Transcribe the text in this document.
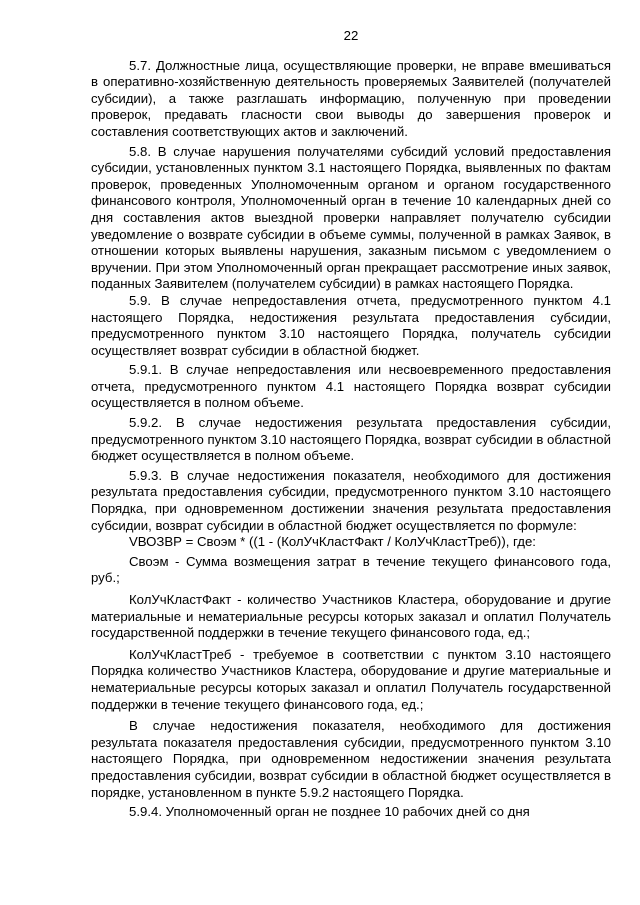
22

5.7. Должностные лица, осуществляющие проверки, не вправе вмешиваться в оперативно-хозяйственную деятельность проверяемых Заявителей (получателей субсидии), а также разглашать информацию, полученную при проведении проверок, предавать гласности свои выводы до завершения проверок и составления соответствующих актов и заключений.

5.8. В случае нарушения получателями субсидий условий предоставления субсидии, установленных пунктом 3.1 настоящего Порядка, выявленных по фактам проверок, проведенных Уполномоченным органом и органом государственного финансового контроля, Уполномоченный орган в течение 10 календарных дней со дня составления актов выездной проверки направляет получателю субсидии уведомление о возврате субсидии в объеме суммы, полученной в рамках Заявок, в отношении которых выявлены нарушения, заказным письмом с уведомлением о вручении. При этом Уполномоченный орган прекращает рассмотрение иных заявок, поданных Заявителем (получателем субсидии) в рамках настоящего Порядка.

5.9. В случае непредоставления отчета, предусмотренного пунктом 4.1 настоящего Порядка, недостижения результата предоставления субсидии, предусмотренного пунктом 3.10 настоящего Порядка, получатель субсидии осуществляет возврат субсидии в областной бюджет.

5.9.1. В случае непредоставления или несвоевременного предоставления отчета, предусмотренного пунктом 4.1 настоящего Порядка возврат субсидии осуществляется в полном объеме.

5.9.2. В случае недостижения результата предоставления субсидии, предусмотренного пунктом 3.10 настоящего Порядка, возврат субсидии в областной бюджет осуществляется в полном объеме.

5.9.3. В случае недостижения показателя, необходимого для достижения результата предоставления субсидии, предусмотренного пунктом 3.10 настоящего Порядка, при одновременном достижении значения результата предоставления субсидии, возврат субсидии в областной бюджет осуществляется по формуле:

VВОЗВР = Своэм * ((1 - (КолУчКластФакт / КолУчКластТреб)), где:

Своэм - Сумма возмещения затрат в течение текущего финансового года, руб.;

КолУчКластФакт - количество Участников Кластера, оборудование и другие материальные и нематериальные ресурсы которых заказал и оплатил Получатель государственной поддержки в течение текущего финансового года, ед.;

КолУчКластТреб - требуемое в соответствии с пунктом 3.10 настоящего Порядка количество Участников Кластера, оборудование и другие материальные и нематериальные ресурсы которых заказал и оплатил Получатель государственной поддержки в течение текущего финансового года, ед.;

В случае недостижения показателя, необходимого для достижения результата показателя предоставления субсидии, предусмотренного пунктом 3.10 настоящего Порядка, при одновременном недостижении значения результата предоставления субсидии, возврат субсидии в областной бюджет осуществляется в порядке, установленном в пункте 5.9.2 настоящего Порядка.

5.9.4. Уполномоченный орган не позднее 10 рабочих дней со дня
